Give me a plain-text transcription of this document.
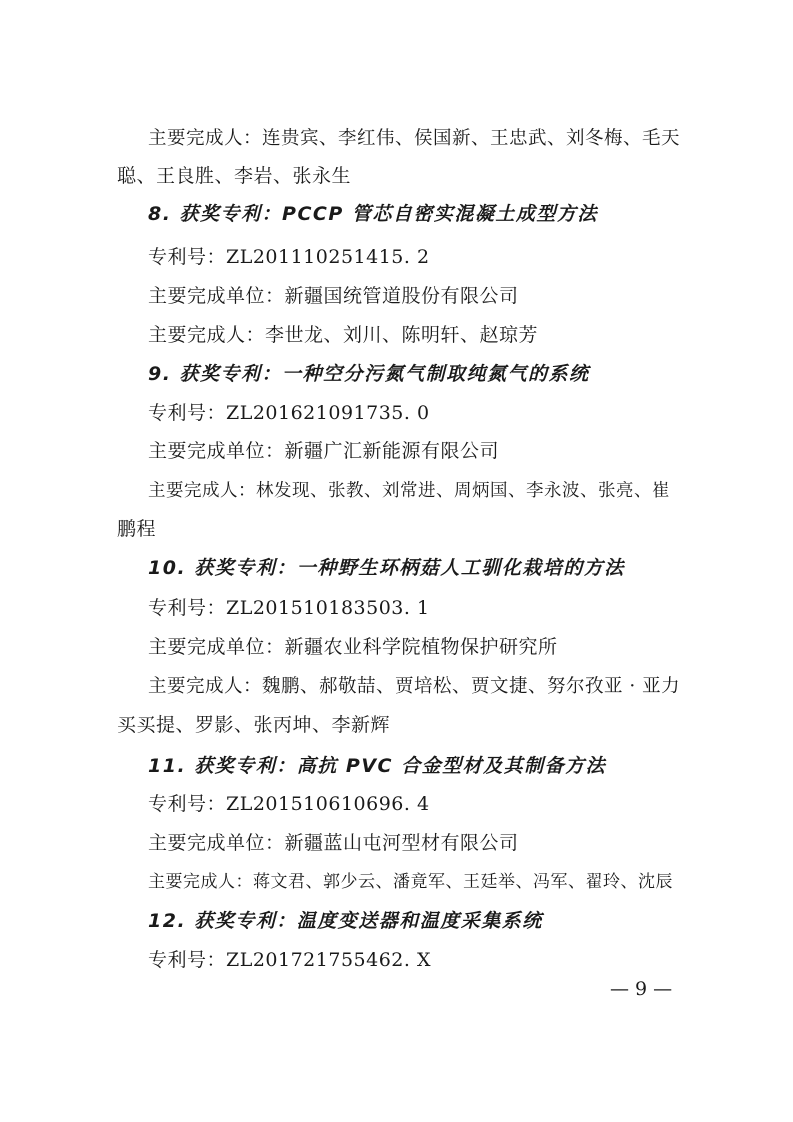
主要完成人：连贵宾、李红伟、侯国新、王忠武、刘冬梅、毛天
聪、王良胜、李岩、张永生
8. 获奖专利：PCCP 管芯自密实混凝土成型方法
专利号：ZL201110251415. 2
主要完成单位：新疆国统管道股份有限公司
主要完成人：李世龙、刘川、陈明轩、赵琼芳
9. 获奖专利：一种空分污氮气制取纯氮气的系统
专利号：ZL201621091735. 0
主要完成单位：新疆广汇新能源有限公司
主要完成人：林发现、张教、刘常进、周炳国、李永波、张亮、崔
鹏程
10. 获奖专利：一种野生环柄菇人工驯化栽培的方法
专利号：ZL201510183503. 1
主要完成单位：新疆农业科学院植物保护研究所
主要完成人：魏鹏、郝敬喆、贾培松、贾文捷、努尔孜亚 · 亚力
买买提、罗影、张丙坤、李新辉
11. 获奖专利：高抗 PVC 合金型材及其制备方法
专利号：ZL201510610696. 4
主要完成单位：新疆蓝山屯河型材有限公司
主要完成人：蒋文君、郭少云、潘竟军、王廷举、冯军、翟玲、沈辰
12. 获奖专利：温度变送器和温度采集系统
专利号：ZL201721755462. X
— 9 —
